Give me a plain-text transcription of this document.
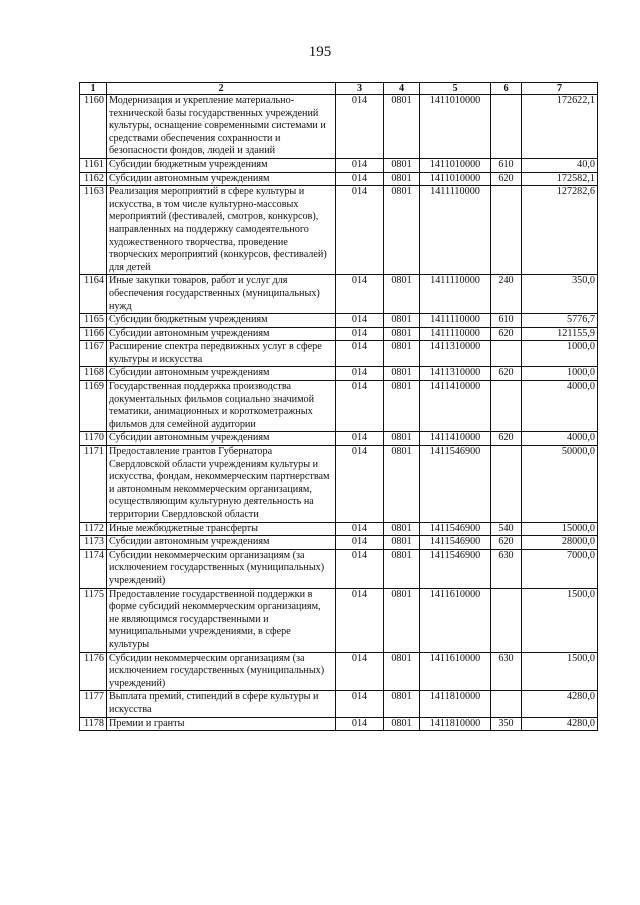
195
1	2	3	4	5	6	7
1160	Модернизация и укрепление материально-технической базы государственных учреждений культуры, оснащение современными системами и средствами обеспечения сохранности и безопасности фондов, людей и зданий	014	0801	1411010000		172622,1
1161	Субсидии бюджетным учреждениям	014	0801	1411010000	610	40,0
1162	Субсидии автономным учреждениям	014	0801	1411010000	620	172582,1
1163	Реализация мероприятий в сфере культуры и искусства, в том числе культурно-массовых мероприятий (фестивалей, смотров, конкурсов), направленных на поддержку самодеятельного художественного творчества, проведение творческих мероприятий (конкурсов, фестивалей) для детей	014	0801	1411110000		127282,6
1164	Иные закупки товаров, работ и услуг для обеспечения государственных (муниципальных) нужд	014	0801	1411110000	240	350,0
1165	Субсидии бюджетным учреждениям	014	0801	1411110000	610	5776,7
1166	Субсидии автономным учреждениям	014	0801	1411110000	620	121155,9
1167	Расширение спектра передвижных услуг в сфере культуры и искусства	014	0801	1411310000		1000,0
1168	Субсидии автономным учреждениям	014	0801	1411310000	620	1000,0
1169	Государственная поддержка производства документальных фильмов социально значимой тематики, анимационных и короткометражных фильмов для семейной аудитории	014	0801	1411410000		4000,0
1170	Субсидии автономным учреждениям	014	0801	1411410000	620	4000,0
1171	Предоставление грантов Губернатора Свердловской области учреждениям культуры и искусства, фондам, некоммерческим партнерствам и автономным некоммерческим организациям, осуществляющим культурную деятельность на территории Свердловской области	014	0801	1411546900		50000,0
1172	Иные межбюджетные трансферты	014	0801	1411546900	540	15000,0
1173	Субсидии автономным учреждениям	014	0801	1411546900	620	28000,0
1174	Субсидии некоммерческим организациям (за исключением государственных (муниципальных) учреждений)	014	0801	1411546900	630	7000,0
1175	Предоставление государственной поддержки в форме субсидий некоммерческим организациям, не являющимся государственными и муниципальными учреждениями, в сфере культуры	014	0801	1411610000		1500,0
1176	Субсидии некоммерческим организациям (за исключением государственных (муниципальных) учреждений)	014	0801	1411610000	630	1500,0
1177	Выплата премий, стипендий в сфере культуры и искусства	014	0801	1411810000		4280,0
1178	Премии и гранты	014	0801	1411810000	350	4280,0
